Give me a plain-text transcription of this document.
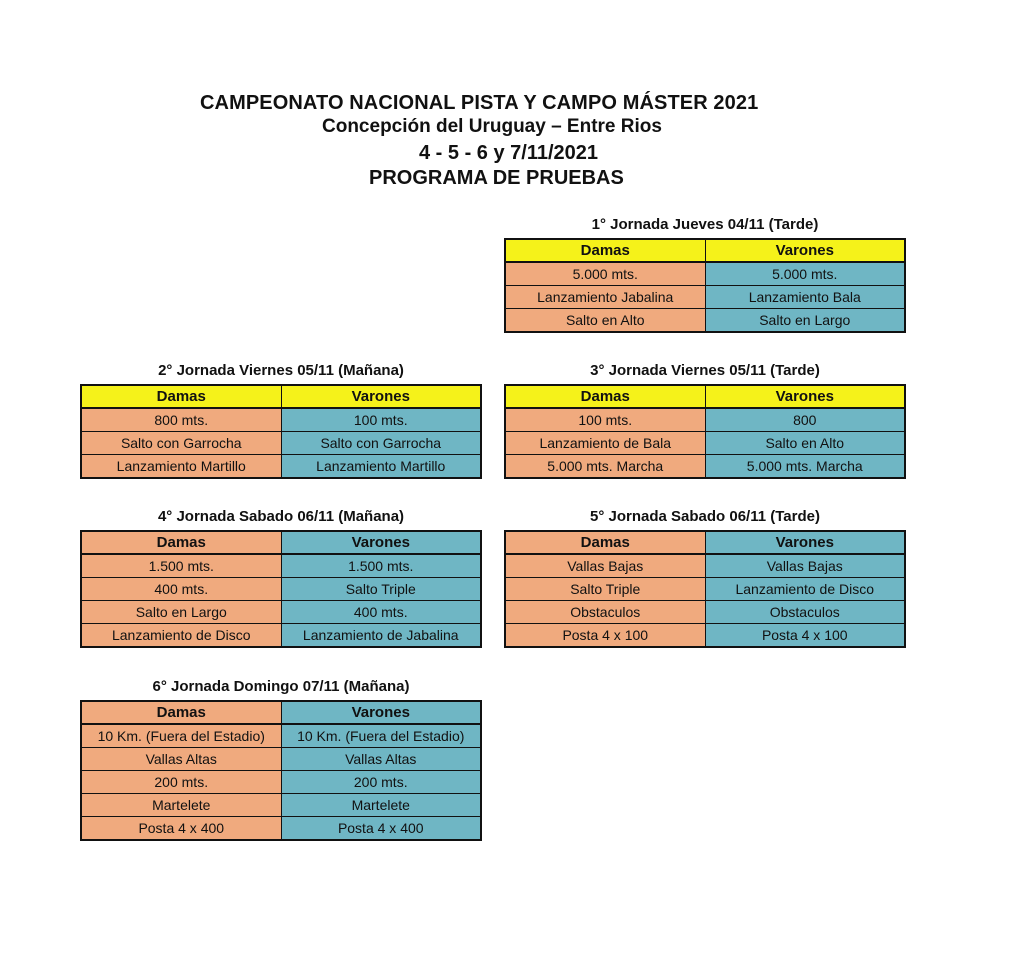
CAMPEONATO NACIONAL PISTA Y CAMPO MÁSTER 2021
Concepción del Uruguay – Entre Rios
4 - 5 - 6 y 7/11/2021
PROGRAMA DE PRUEBAS
1° Jornada Jueves 04/11 (Tarde)
Damas	Varones
5.000 mts.	5.000 mts.
Lanzamiento Jabalina	Lanzamiento Bala
Salto en Alto	Salto en Largo
2° Jornada Viernes 05/11 (Mañana)
Damas	Varones
800 mts.	100 mts.
Salto con Garrocha	Salto con Garrocha
Lanzamiento Martillo	Lanzamiento Martillo
3° Jornada Viernes 05/11 (Tarde)
Damas	Varones
100 mts.	800
Lanzamiento de Bala	Salto en Alto
5.000 mts. Marcha	5.000 mts. Marcha
4° Jornada Sabado 06/11 (Mañana)
Damas	Varones
1.500 mts.	1.500 mts.
400 mts.	Salto Triple
Salto en Largo	400 mts.
Lanzamiento de Disco	Lanzamiento de Jabalina
5° Jornada Sabado 06/11 (Tarde)
Damas	Varones
Vallas Bajas	Vallas Bajas
Salto Triple	Lanzamiento de Disco
Obstaculos	Obstaculos
Posta 4 x 100	Posta 4 x 100
6° Jornada Domingo 07/11 (Mañana)
Damas	Varones
10 Km. (Fuera del Estadio)	10 Km. (Fuera del Estadio)
Vallas Altas	Vallas Altas
200 mts.	200 mts.
Martelete	Martelete
Posta 4 x 400	Posta 4 x 400
